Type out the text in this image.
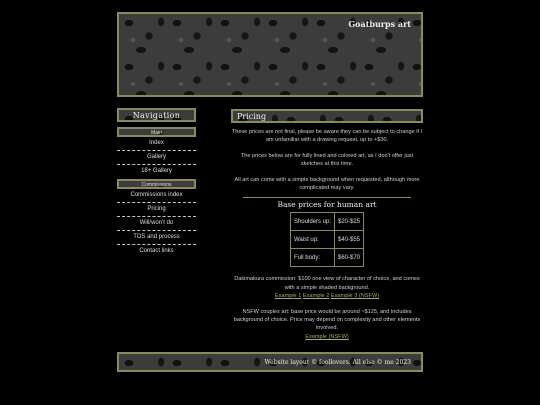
Goatburps art
Navigation
Main
Index
Gallery
18+ Gallery
Commissions
Commissions index
Pricing
Will/won't do
TOS and process
Contact links
Pricing

These prices are not final, please be aware they can be subject to change if I am unfamiliar with a drawing request, up to +$30.

The prices below are for fully lined and colored art, as I don't offer just sketches at this time.

All art can come with a simple background when requested, although more complicated may vary.

Base prices for human art
Shoulders up:	$20-$25
Waist up:	$40-$55
Full body:	$60-$70

Dakimakura commission: $100 one view of character of choice, and comes with a simple shaded background.
Example 1 Example 2 Example 3 (NSFW)

NSFW couples art: base price would be around ~$125, and includes background of choice. Price may depend on complexity and other elements involved.
Example (NSFW)

Website layout © foollovers. All else © me 2023
